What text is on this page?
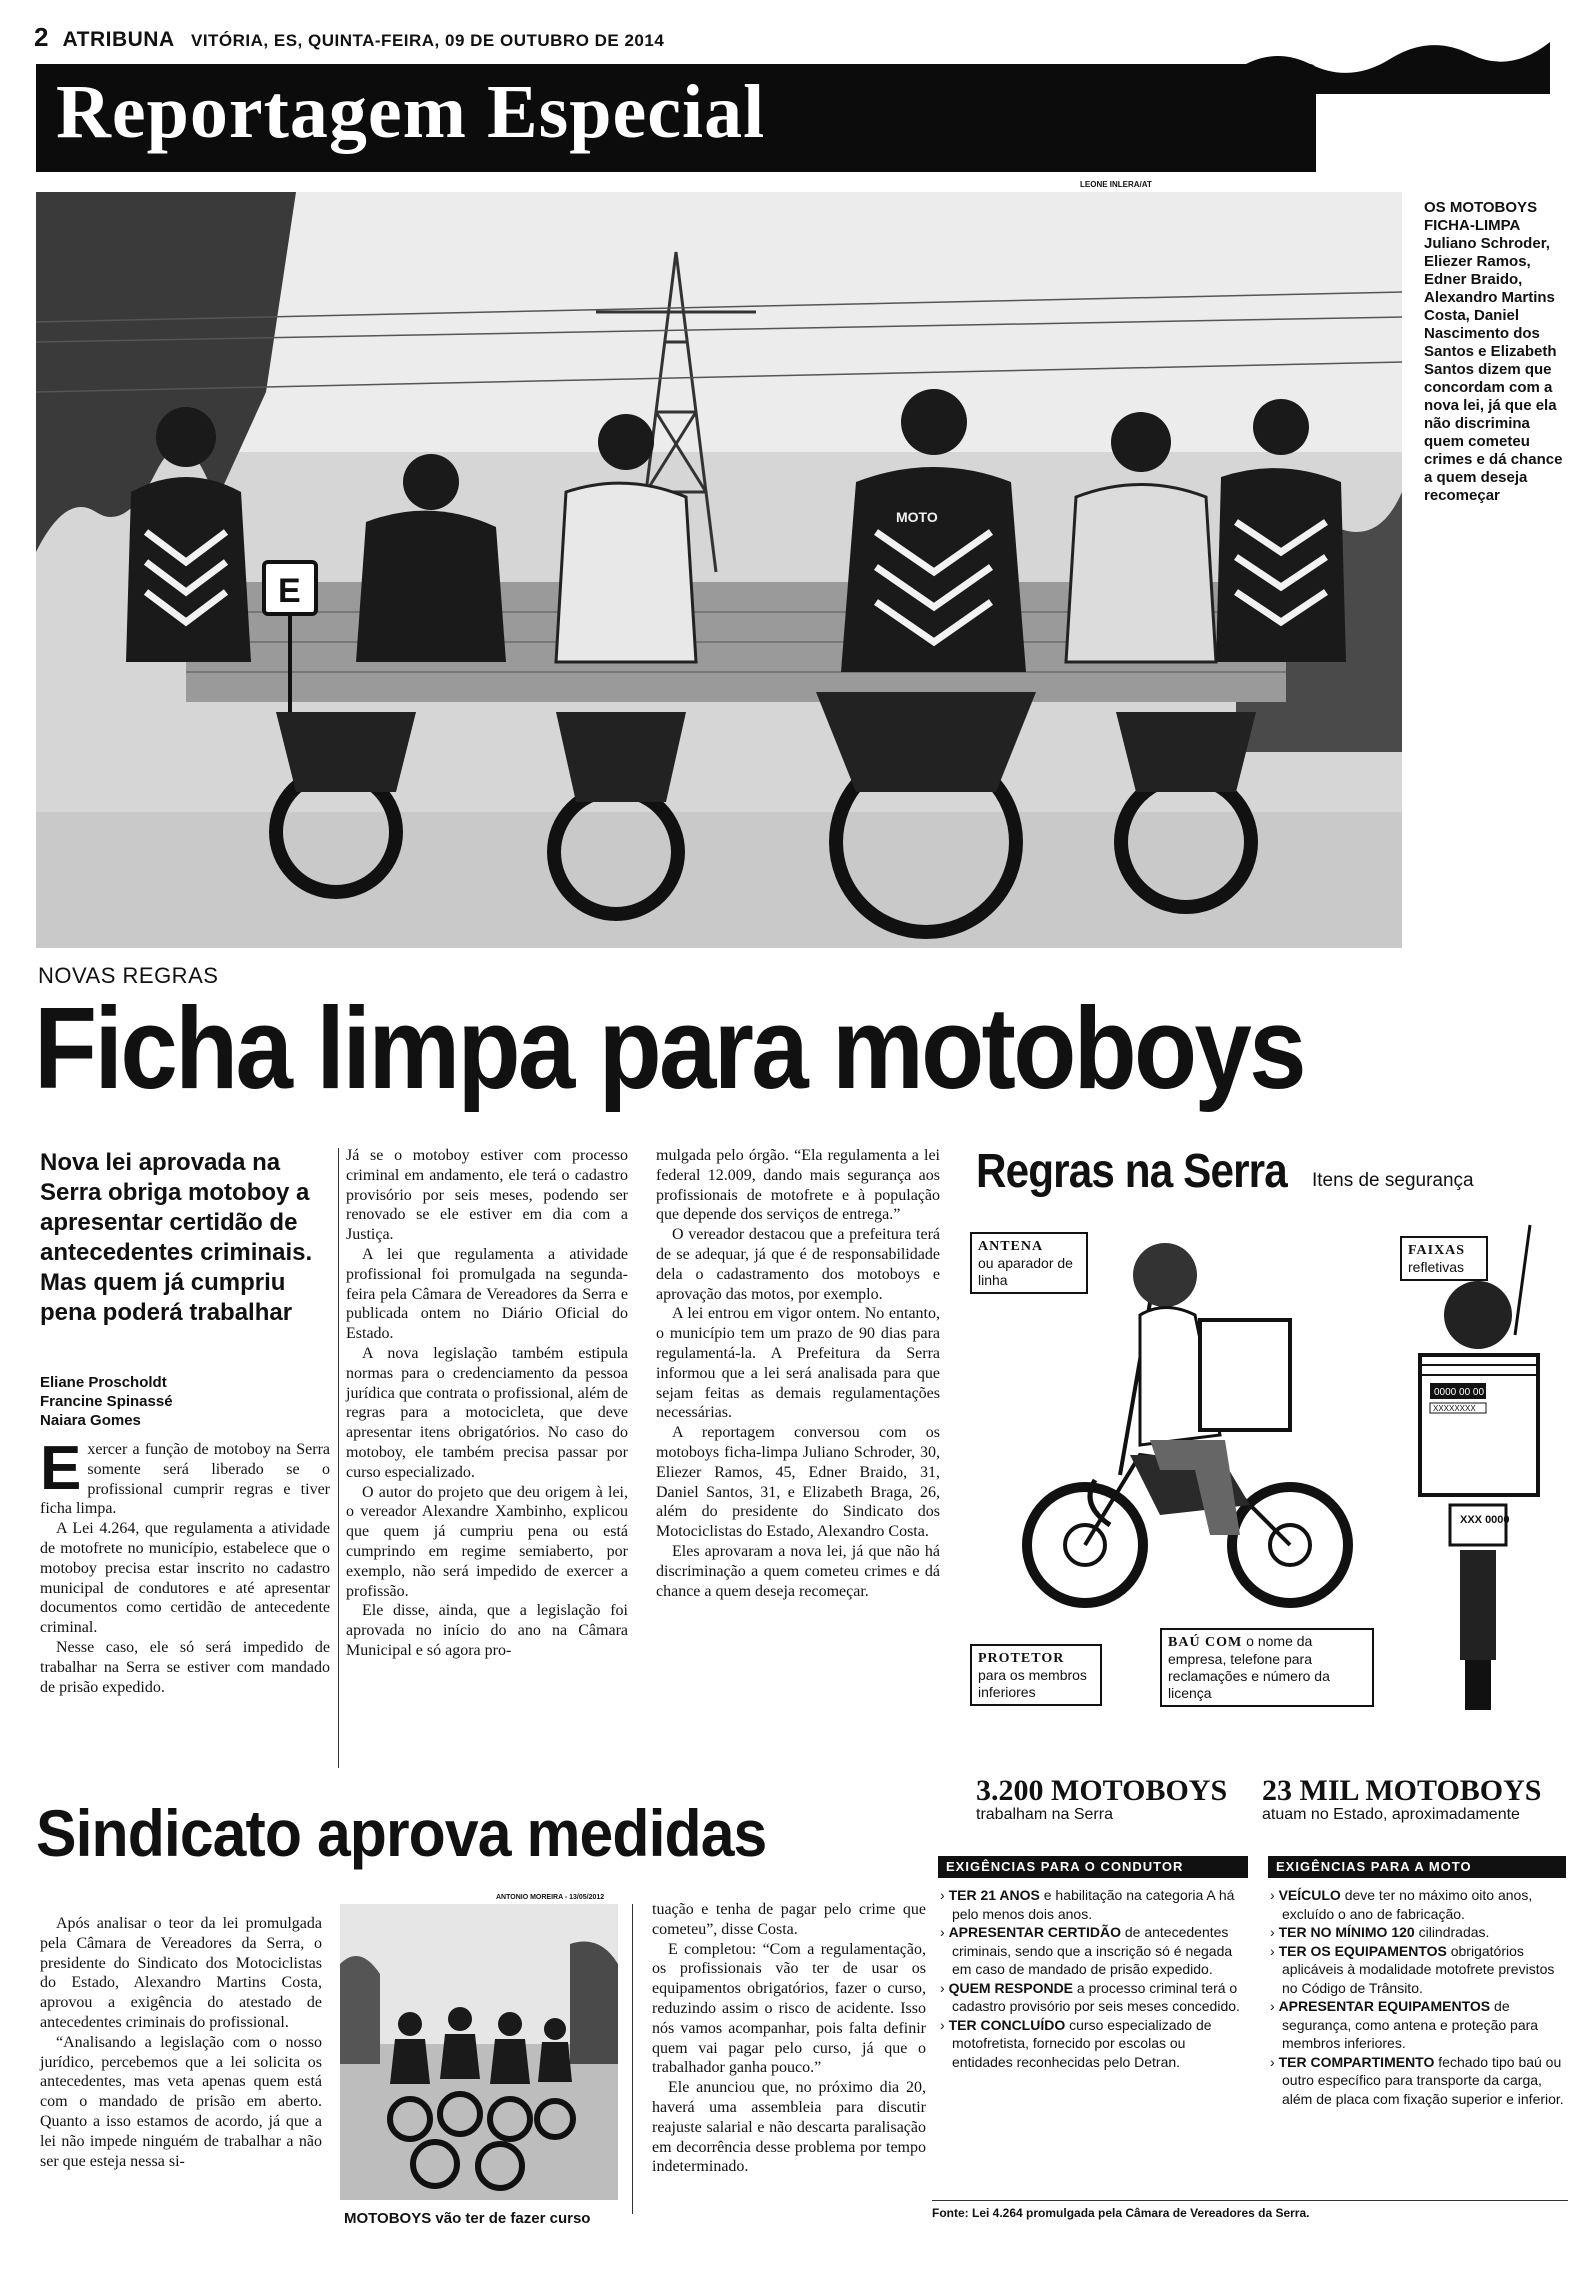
2 ATRIBUNA VITÓRIA, ES, QUINTA-FEIRA, 09 DE OUTUBRO DE 2014
Reportagem Especial
LEONE INLERA/AT
MOTO
E
OS MOTOBOYS FICHA-LIMPA Juliano Schroder, Eliezer Ramos, Edner Braido, Alexandro Martins Costa, Daniel Nascimento dos Santos e Elizabeth Santos dizem que concordam com a nova lei, já que ela não discrimina quem cometeu crimes e dá chance a quem deseja recomeçar
NOVAS REGRAS
Ficha limpa para motoboys
Nova lei aprovada na Serra obriga motoboy a apresentar certidão de antecedentes criminais. Mas quem já cumpriu pena poderá trabalhar
Eliane Proscholdt
Francine Spinassé
Naiara Gomes

Exercer a função de motoboy na Serra somente será liberado se o profissional cumprir regras e tiver ficha limpa.

A Lei 4.264, que regulamenta a atividade de motofrete no município, estabelece que o motoboy precisa estar inscrito no cadastro municipal de condutores e até apresentar documentos como certidão de antecedente criminal.

Nesse caso, ele só será impedido de trabalhar na Serra se estiver com mandado de prisão expedido.

Já se o motoboy estiver com processo criminal em andamento, ele terá o cadastro provisório por seis meses, podendo ser renovado se ele estiver em dia com a Justiça.

A lei que regulamenta a atividade profissional foi promulgada na segunda-feira pela Câmara de Vereadores da Serra e publicada ontem no Diário Oficial do Estado.

A nova legislação também estipula normas para o credenciamento da pessoa jurídica que contrata o profissional, além de regras para a motocicleta, que deve apresentar itens obrigatórios. No caso do motoboy, ele também precisa passar por curso especializado.

O autor do projeto que deu origem à lei, o vereador Alexandre Xambinho, explicou que quem já cumpriu pena ou está cumprindo em regime semiaberto, por exemplo, não será impedido de exercer a profissão.

Ele disse, ainda, que a legislação foi aprovada no início do ano na Câmara Municipal e só agora pro-

mulgada pelo órgão. “Ela regulamenta a lei federal 12.009, dando mais segurança aos profissionais de motofrete e à população que depende dos serviços de entrega.”

O vereador destacou que a prefeitura terá de se adequar, já que é de responsabilidade dela o cadastramento dos motoboys e aprovação das motos, por exemplo.

A lei entrou em vigor ontem. No entanto, o município tem um prazo de 90 dias para regulamentá-la. A Prefeitura da Serra informou que a lei será analisada para que sejam feitas as demais regulamentações necessárias.

A reportagem conversou com os motoboys ficha-limpa Juliano Schroder, 30, Eliezer Ramos, 45, Edner Braido, 31, Daniel Santos, 31, e Elizabeth Braga, 26, além do presidente do Sindicato dos Motociclistas do Estado, Alexandro Costa.

Eles aprovaram a nova lei, já que não há discriminação a quem cometeu crimes e dá chance a quem deseja recomeçar.

Regras na Serra Itens de segurança
0000 00 00
XXXXXXXX
XXX 0000
ANTENA
ou aparador de linha
FAIXAS
refletivas
PROTETOR
para os membros inferiores
BAÚ COM o nome da empresa, telefone para reclamações e número da licença
3.200 MOTOBOYS
trabalham na Serra
23 MIL MOTOBOYS
atuam no Estado, aproximadamente
EXIGÊNCIAS PARA O CONDUTOR
› TER 21 ANOS e habilitação na categoria A há pelo menos dois anos.
› APRESENTAR CERTIDÃO de antecedentes criminais, sendo que a inscrição só é negada em caso de mandado de prisão expedido.
› QUEM RESPONDE a processo criminal terá o cadastro provisório por seis meses concedido.
› TER CONCLUÍDO curso especializado de motofretista, fornecido por escolas ou entidades reconhecidas pelo Detran.
EXIGÊNCIAS PARA A MOTO
› VEÍCULO deve ter no máximo oito anos, excluído o ano de fabricação.
› TER NO MÍNIMO 120 cilindradas.
› TER OS EQUIPAMENTOS obrigatórios aplicáveis à modalidade motofrete previstos no Código de Trânsito.
› APRESENTAR EQUIPAMENTOS de segurança, como antena e proteção para membros inferiores.
› TER COMPARTIMENTO fechado tipo baú ou outro específico para transporte da carga, além de placa com fixação superior e inferior.
Fonte: Lei 4.264 promulgada pela Câmara de Vereadores da Serra.
Sindicato aprova medidas

Após analisar o teor da lei promulgada pela Câmara de Vereadores da Serra, o presidente do Sindicato dos Motociclistas do Estado, Alexandro Martins Costa, aprovou a exigência do atestado de antecedentes criminais do profissional.

“Analisando a legislação com o nosso jurídico, percebemos que a lei solicita os antecedentes, mas veta apenas quem está com o mandado de prisão em aberto. Quanto a isso estamos de acordo, já que a lei não impede ninguém de trabalhar a não ser que esteja nessa si-

ANTONIO MOREIRA - 13/05/2012
MOTOBOYS vão ter de fazer curso

tuação e tenha de pagar pelo crime que cometeu”, disse Costa.

E completou: “Com a regulamentação, os profissionais vão ter de usar os equipamentos obrigatórios, fazer o curso, reduzindo assim o risco de acidente. Isso nós vamos acompanhar, pois falta definir quem vai pagar pelo curso, já que o trabalhador ganha pouco.”

Ele anunciou que, no próximo dia 20, haverá uma assembleia para discutir reajuste salarial e não descarta paralisação em decorrência desse problema por tempo indeterminado.
